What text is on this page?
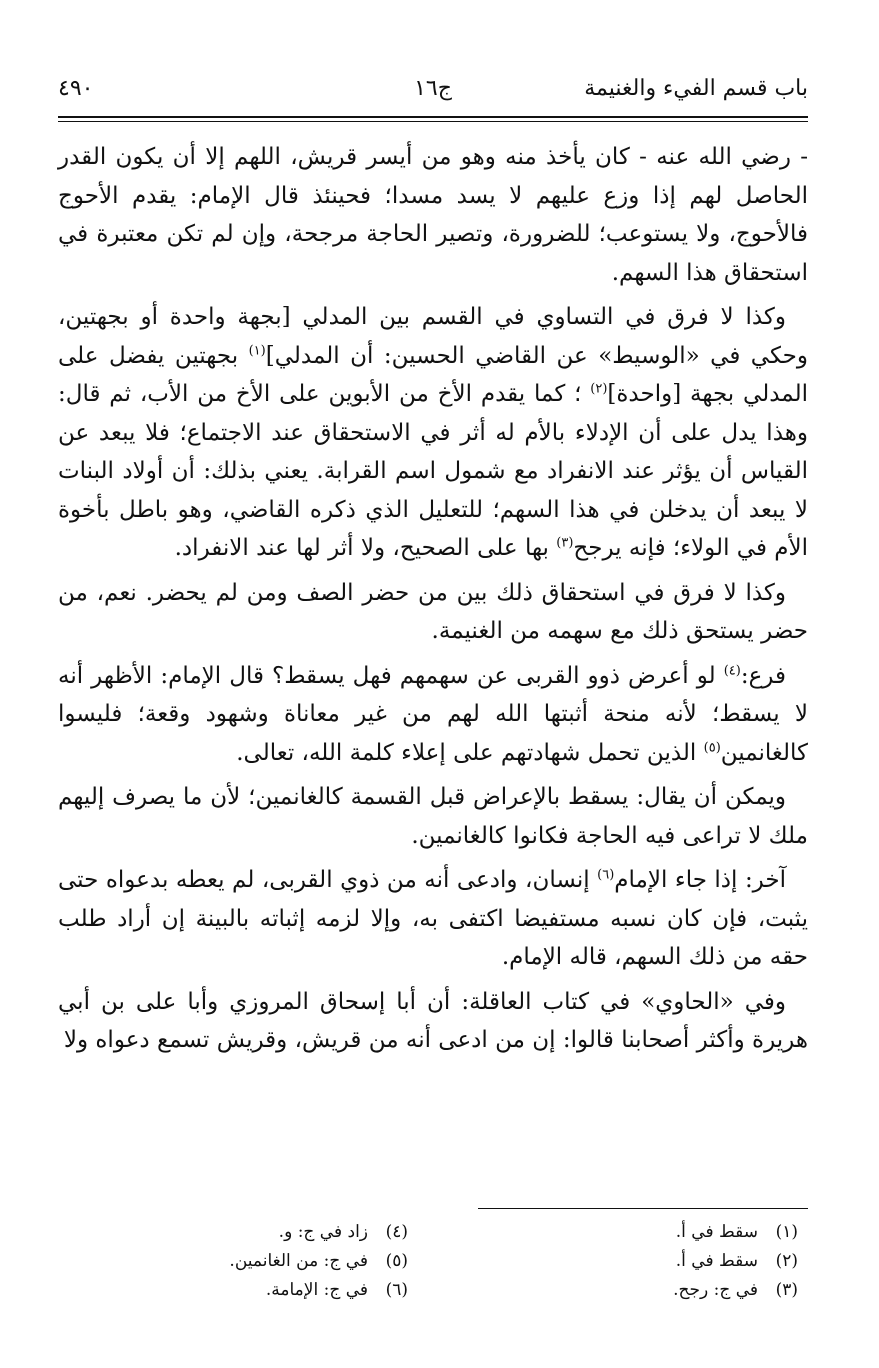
باب قسم الفيء والغنيمة
ج١٦
٤٩٠

- رضي الله عنه - كان يأخذ منه وهو من أيسر قريش، اللهم إلا أن يكون القدر الحاصل لهم إذا وزع عليهم لا يسد مسدا؛ فحينئذ قال الإمام: يقدم الأحوج فالأحوج، ولا يستوعب؛ للضرورة، وتصير الحاجة مرجحة، وإن لم تكن معتبرة في استحقاق هذا السهم.

وكذا لا فرق في التساوي في القسم بين المدلي [بجهة واحدة أو بجهتين، وحكي في «الوسيط» عن القاضي الحسين: أن المدلي]$^{(١)}$ بجهتين يفضل على المدلي بجهة [واحدة]$^{(٢)}$ ؛ كما يقدم الأخ من الأبوين على الأخ من الأب، ثم قال: وهذا يدل على أن الإدلاء بالأم له أثر في الاستحقاق عند الاجتماع؛ فلا يبعد عن القياس أن يؤثر عند الانفراد مع شمول اسم القرابة. يعني بذلك: أن أولاد البنات لا يبعد أن يدخلن في هذا السهم؛ للتعليل الذي ذكره القاضي، وهو باطل بأخوة الأم في الولاء؛ فإنه يرجح$^{(٣)}$ بها على الصحيح، ولا أثر لها عند الانفراد.

وكذا لا فرق في استحقاق ذلك بين من حضر الصف ومن لم يحضر. نعم، من حضر يستحق ذلك مع سهمه من الغنيمة.

فرع:$^{(٤)}$ لو أعرض ذوو القربى عن سهمهم فهل يسقط؟ قال الإمام: الأظهر أنه لا يسقط؛ لأنه منحة أثبتها الله لهم من غير معاناة وشهود وقعة؛ فليسوا كالغانمين$^{(٥)}$ الذين تحمل شهادتهم على إعلاء كلمة الله، تعالى.

ويمكن أن يقال: يسقط بالإعراض قبل القسمة كالغانمين؛ لأن ما يصرف إليهم ملك لا تراعى فيه الحاجة فكانوا كالغانمين.

آخر: إذا جاء الإمام$^{(٦)}$ إنسان، وادعى أنه من ذوي القربى، لم يعطه بدعواه حتى يثبت، فإن كان نسبه مستفيضا اكتفى به، وإلا لزمه إثباته بالبينة إن أراد طلب حقه من ذلك السهم، قاله الإمام.

وفي «الحاوي» في كتاب العاقلة: أن أبا إسحاق المروزي وأبا على بن أبي هريرة وأكثر أصحابنا قالوا: إن من ادعى أنه من قريش، وقريش تسمع دعواه ولا

(١)سقط في أ.
(٢)سقط في أ.
(٣)في ج: رجح.
(٤)زاد في ج: و.
(٥)في ج: من الغانمين.
(٦)في ج: الإمامة.
